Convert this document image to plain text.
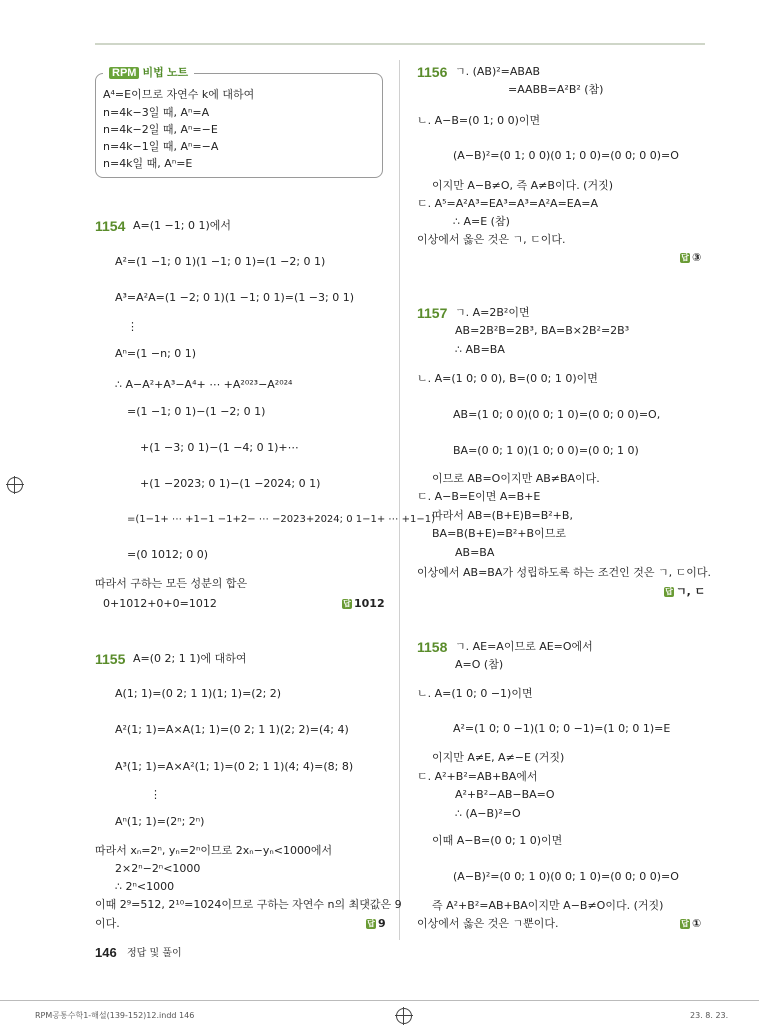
RPM 비법 노트
A⁴=E이므로 자연수 k에 대하여
n=4k−3일 때, Aⁿ=A
n=4k−2일 때, Aⁿ=−E
n=4k−1일 때, Aⁿ=−A
n=4k일 때, Aⁿ=E
1154 A=(1 −1; 0 1)에서
A²=(1 −1; 0 1)(1 −1; 0 1)=(1 −2; 0 1)
A³=A²A=(1 −2; 0 1)(1 −1; 0 1)=(1 −3; 0 1)
⋮
Aⁿ=(1 −n; 0 1)
∴ A−A²+A³−A⁴+ ⋯ +A²⁰²³−A²⁰²⁴
=(1 −1; 0 1)−(1 −2; 0 1)
+(1 −3; 0 1)−(1 −4; 0 1)+⋯
+(1 −2023; 0 1)−(1 −2024; 0 1)
=(1−1+ ⋯ +1−1 −1+2− ⋯ −2023+2024; 0 1−1+ ⋯ +1−1)
=(0 1012; 0 0)
따라서 구하는 모든 성분의 합은
0+1012+0+0=1012	답 1012
1155 A=(0 2; 1 1)에 대하여
A(1; 1)=(0 2; 1 1)(1; 1)=(2; 2)
A²(1; 1)=A×A(1; 1)=(0 2; 1 1)(2; 2)=(4; 4)
A³(1; 1)=A×A²(1; 1)=(0 2; 1 1)(4; 4)=(8; 8)
⋮
Aⁿ(1; 1)=(2ⁿ; 2ⁿ)
따라서 xₙ=2ⁿ, yₙ=2ⁿ이므로 2xₙ−yₙ<1000에서
2×2ⁿ−2ⁿ<1000
∴ 2ⁿ<1000
이때 2⁹=512, 2¹⁰=1024이므로 구하는 자연수 n의 최댓값은 9
이다.	답 9
1156 ㄱ. (AB)²=ABAB
=AABB=A²B² (참)
ㄴ. A−B=(0 1; 0 0)이면
(A−B)²=(0 1; 0 0)(0 1; 0 0)=(0 0; 0 0)=O
이지만 A−B≠O, 즉 A≠B이다. (거짓)
ㄷ. A⁵=A²A³=EA³=A³=A²A=EA=A
∴ A=E (참)
이상에서 옳은 것은 ㄱ, ㄷ이다.
답 ③
1157 ㄱ. A=2B²이면
AB=2B²B=2B³, BA=B×2B²=2B³
∴ AB=BA
ㄴ. A=(1 0; 0 0), B=(0 0; 1 0)이면
AB=(1 0; 0 0)(0 0; 1 0)=(0 0; 0 0)=O,
BA=(0 0; 1 0)(1 0; 0 0)=(0 0; 1 0)
이므로 AB=O이지만 AB≠BA이다.
ㄷ. A−B=E이면 A=B+E
따라서 AB=(B+E)B=B²+B,
BA=B(B+E)=B²+B이므로
AB=BA
이상에서 AB=BA가 성립하도록 하는 조건인 것은 ㄱ, ㄷ이다.
답 ㄱ, ㄷ
1158 ㄱ. AE=A이므로 AE=O에서
A=O (참)
ㄴ. A=(1 0; 0 −1)이면
A²=(1 0; 0 −1)(1 0; 0 −1)=(1 0; 0 1)=E
이지만 A≠E, A≠−E (거짓)
ㄷ. A²+B²=AB+BA에서
A²+B²−AB−BA=O
∴ (A−B)²=O
이때 A−B=(0 0; 1 0)이면
(A−B)²=(0 0; 1 0)(0 0; 1 0)=(0 0; 0 0)=O
즉 A²+B²=AB+BA이지만 A−B≠O이다. (거짓)
이상에서 옳은 것은 ㄱ뿐이다.	답 ①
146 정답 및 풀이
RPM공통수학1-해설(139-152)12.indd 146	23. 8. 23.
